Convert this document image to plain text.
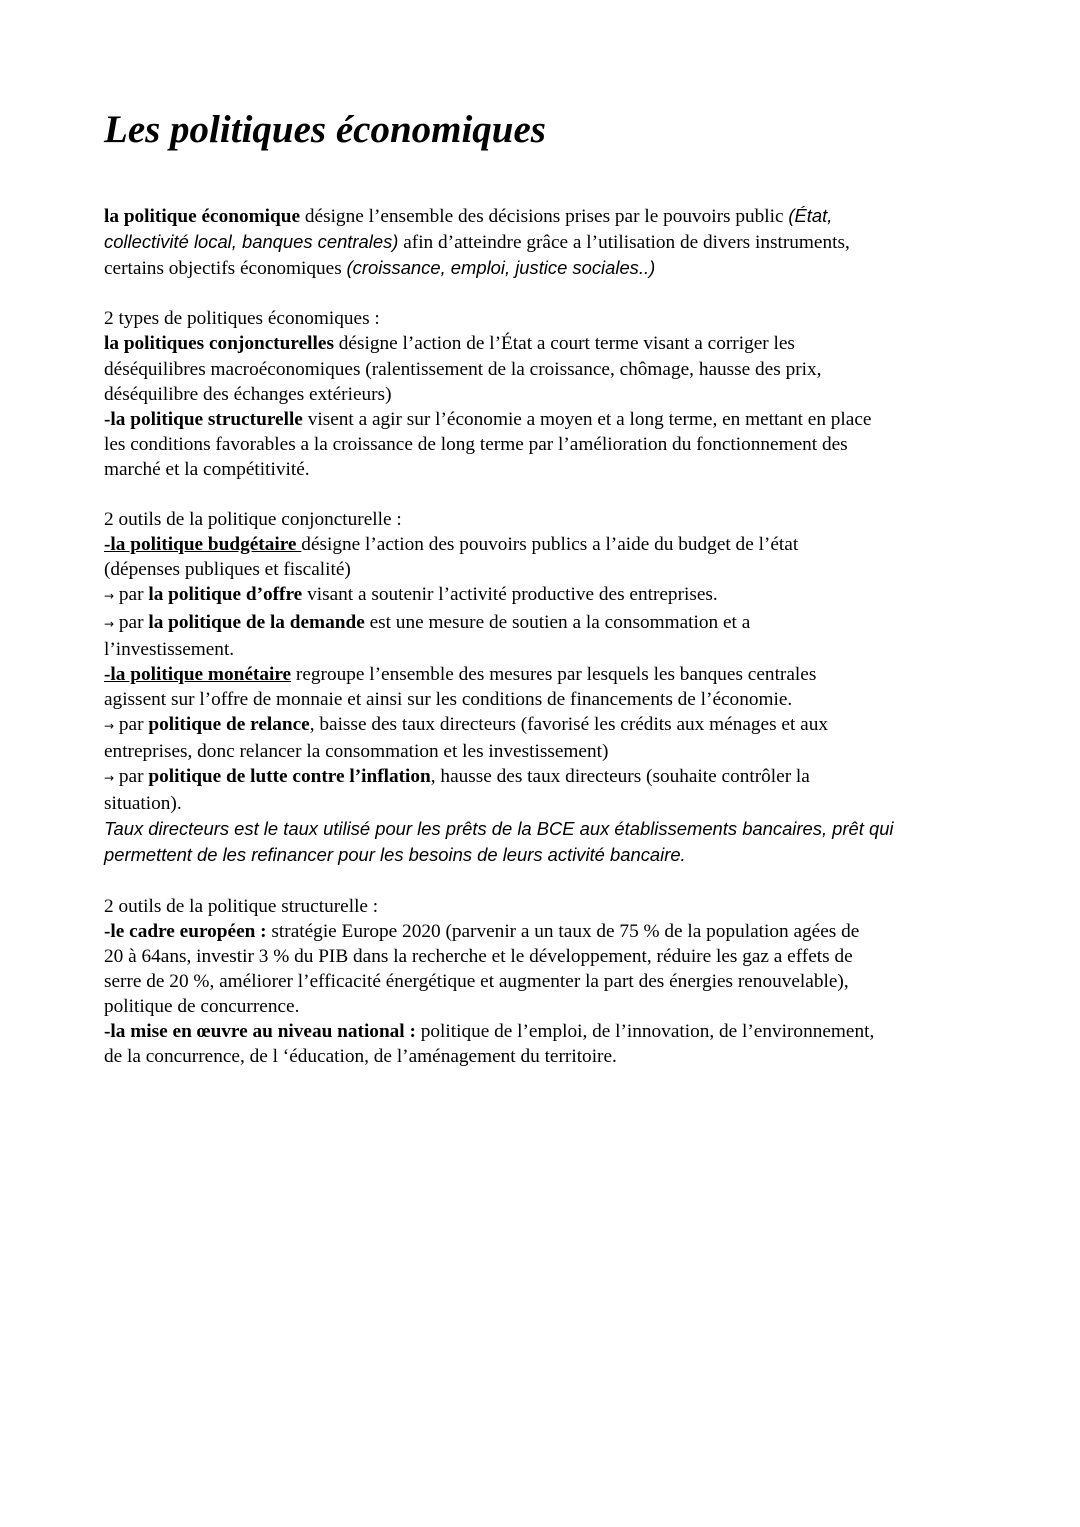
Les politiques économiques
la politique économique désigne l’ensemble des décisions prises par le pouvoirs public (État,
collectivité local, banques centrales) afin d’atteindre grâce a l’utilisation de divers instruments,
certains objectifs économiques (croissance, emploi, justice sociales..)
2 types de politiques économiques :
la politiques conjoncturelles désigne l’action de l’État a court terme visant a corriger les
déséquilibres macroéconomiques (ralentissement de la croissance, chômage, hausse des prix,
déséquilibre des échanges extérieurs)
-la politique structurelle visent a agir sur l’économie a moyen et a long terme, en mettant en place
les conditions favorables a la croissance de long terme par l’amélioration du fonctionnement des
marché et la compétitivité.
2 outils de la politique conjoncturelle :
-la politique budgétaire désigne l’action des pouvoirs publics a l’aide du budget de l’état
(dépenses publiques et fiscalité)
→ par la politique d’offre visant a soutenir l’activité productive des entreprises.
→ par la politique de la demande est une mesure de soutien a la consommation et a
l’investissement.
-la politique monétaire regroupe l’ensemble des mesures par lesquels les banques centrales
agissent sur l’offre de monnaie et ainsi sur les conditions de financements de l’économie.
→ par politique de relance, baisse des taux directeurs (favorisé les crédits aux ménages et aux
entreprises, donc relancer la consommation et les investissement)
→ par politique de lutte contre l’inflation, hausse des taux directeurs (souhaite contrôler la
situation).
Taux directeurs est le taux utilisé pour les prêts de la BCE aux établissements bancaires, prêt qui
permettent de les refinancer pour les besoins de leurs activité bancaire.
2 outils de la politique structurelle :
-le cadre européen : stratégie Europe 2020 (parvenir a un taux de 75 % de la population agées de
20 à 64ans, investir 3 % du PIB dans la recherche et le développement, réduire les gaz a effets de
serre de 20 %, améliorer l’efficacité énergétique et augmenter la part des énergies renouvelable),
politique de concurrence.
-la mise en œuvre au niveau national : politique de l’emploi, de l’innovation, de l’environnement,
de la concurrence, de l ‘éducation, de l’aménagement du territoire.
